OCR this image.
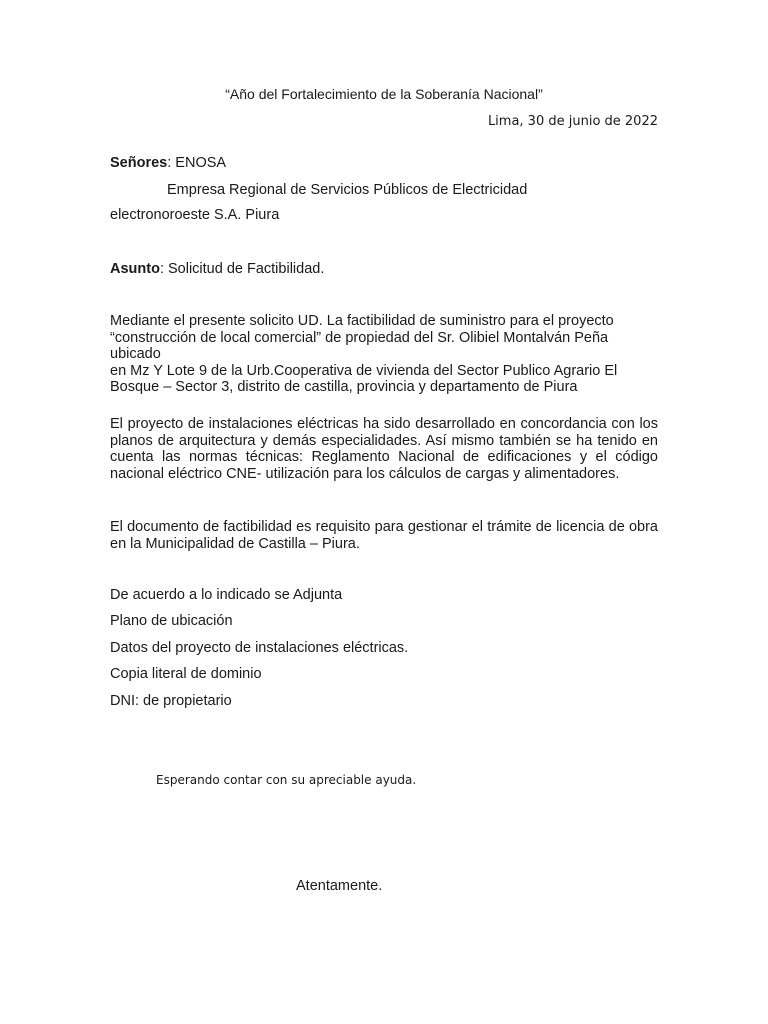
“Año del Fortalecimiento de la Soberanía Nacional”
Lima, 30 de junio de 2022
Señores: ENOSA
Empresa Regional de Servicios Públicos de Electricidad
electronoroeste S.A. Piura
Asunto: Solicitud de Factibilidad.
Mediante el presente solicito UD. La factibilidad de suministro para el proyecto
“construcción de local comercial” de propiedad del Sr. Olibiel Montalván Peña ubicado
en Mz Y Lote 9 de la Urb.Cooperativa de vivienda del Sector Publico Agrario El
Bosque – Sector 3, distrito de castilla, provincia y departamento de Piura
El proyecto de instalaciones eléctricas ha sido desarrollado en concordancia con los planos de arquitectura y demás especialidades. Así mismo también se ha tenido en cuenta las normas técnicas: Reglamento Nacional de edificaciones y el código nacional eléctrico CNE- utilización para los cálculos de cargas y alimentadores.
El documento de factibilidad es requisito para gestionar el trámite de licencia de obra en la Municipalidad de Castilla – Piura.
De acuerdo a lo indicado se Adjunta
Plano de ubicación
Datos del proyecto de instalaciones eléctricas.
Copia literal de dominio
DNI: de propietario
Esperando contar con su apreciable ayuda.
Atentamente.
